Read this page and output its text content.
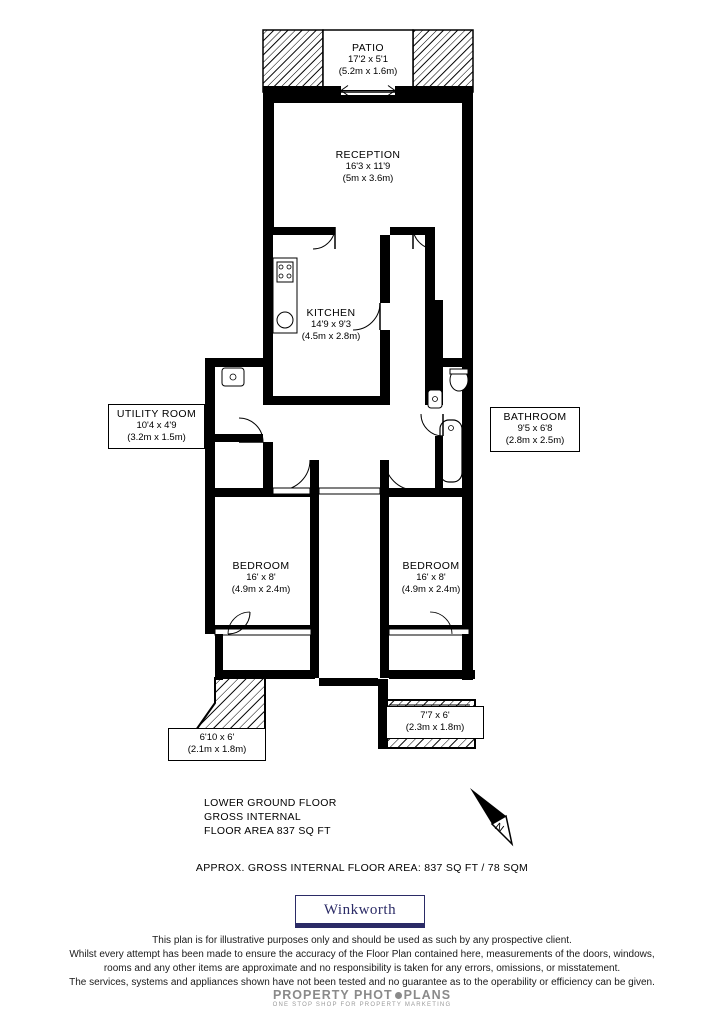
PATIO
17'2 x 5'1
(5.2m x 1.6m)
RECEPTION
16'3 x 11'9
(5m x 3.6m)
KITCHEN
14'9 x 9'3
(4.5m x 2.8m)
UTILITY ROOM
10'4 x 4'9
(3.2m x 1.5m)
BATHROOM
9'5 x 6'8
(2.8m x 2.5m)
BEDROOM
16' x 8'
(4.9m x 2.4m)
BEDROOM
16' x 8'
(4.9m x 2.4m)
6'10 x 6'
(2.1m x 1.8m)
7'7 x 6'
(2.3m x 1.8m)
LOWER GROUND FLOOR
GROSS INTERNAL
FLOOR AREA 837 SQ FT	N
APPROX. GROSS INTERNAL FLOOR AREA: 837 SQ FT / 78 SQM
Winkworth
This plan is for illustrative purposes only and should be used as such by any prospective client.
Whilst every attempt has been made to ensure the accuracy of the Floor Plan contained here, measurements of the doors, windows,
rooms and any other items are approximate and no responsibility is taken for any errors, omissions, or misstatement.
The services, systems and appliances shown have not been tested and no guarantee as to the operability or efficiency can be given.
PROPERTY PHOT PLANS
ONE STOP SHOP FOR PROPERTY MARKETING
